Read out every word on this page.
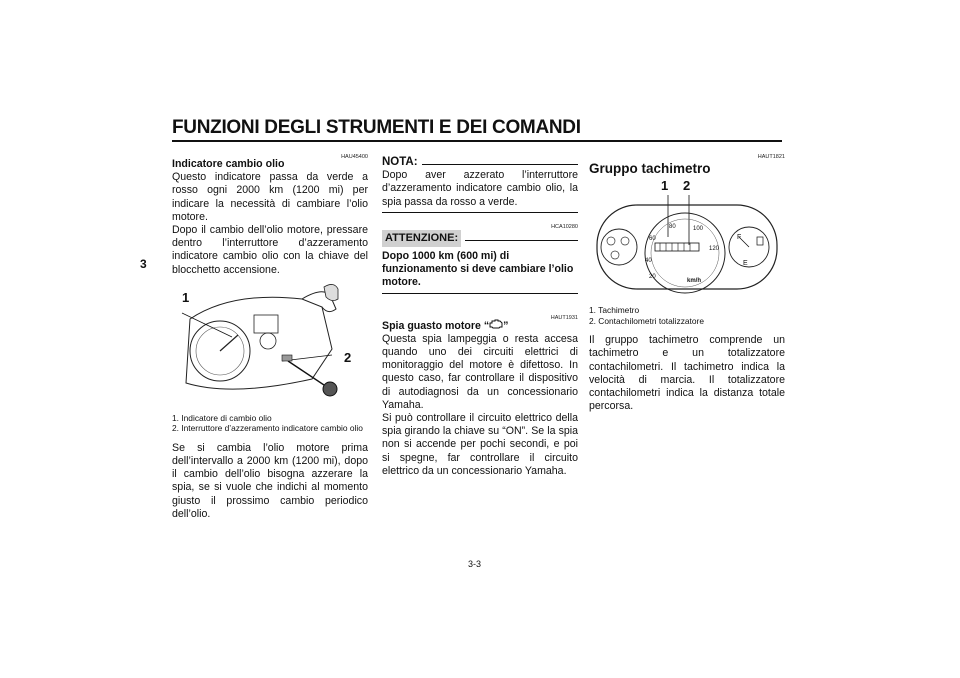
FUNZIONI DEGLI STRUMENTI E DEI COMANDI
3
HAU45400
Indicatore cambio olio

Questo indicatore passa da verde a rosso ogni 2000 km (1200 mi) per indicare la necessità di cambiare l’olio motore.

Dopo il cambio dell’olio motore, pressare dentro l’interruttore d’azzeramento indicatore cambio olio con la chiave del blocchetto accensione.

1
2
1. Indicatore di cambio olio
2. Interruttore d’azzeramento indicatore cambio olio

Se si cambia l’olio motore prima dell’intervallo a 2000 km (1200 mi), dopo il cambio dell’olio bisogna azzerare la spia, se si vuole che indichi al momento giusto il prossimo cambio periodico dell’olio.

NOTA:

Dopo aver azzerato l’interruttore d’azzeramento indicatore cambio olio, la spia passa da rosso a verde.

HCA10280
ATTENZIONE:
Dopo 1000 km (600 mi) di funzionamento si deve cambiare l’olio motore.
HAUT1931
Spia guasto motore “ ”

Questa spia lampeggia o resta accesa quando uno dei circuiti elettrici di monitoraggio del motore è difettoso. In questo caso, far controllare il dispositivo di autodiagnosi da un concessionario Yamaha.

Si può controllare il circuito elettrico della spia girando la chiave su “ON”. Se la spia non si accende per pochi secondi, e poi si spegne, far controllare il circuito elettrico da un concessionario Yamaha.

HAUT1821
Gruppo tachimetro
1 2
20
40
60
80	100
120
km/h
F
E
1. Tachimetro
2. Contachilometri totalizzatore

Il gruppo tachimetro comprende un tachimetro e un totalizzatore contachilometri. Il tachimetro indica la velocità di marcia. Il totalizzatore contachilometri indica la distanza totale percorsa.

3-3
